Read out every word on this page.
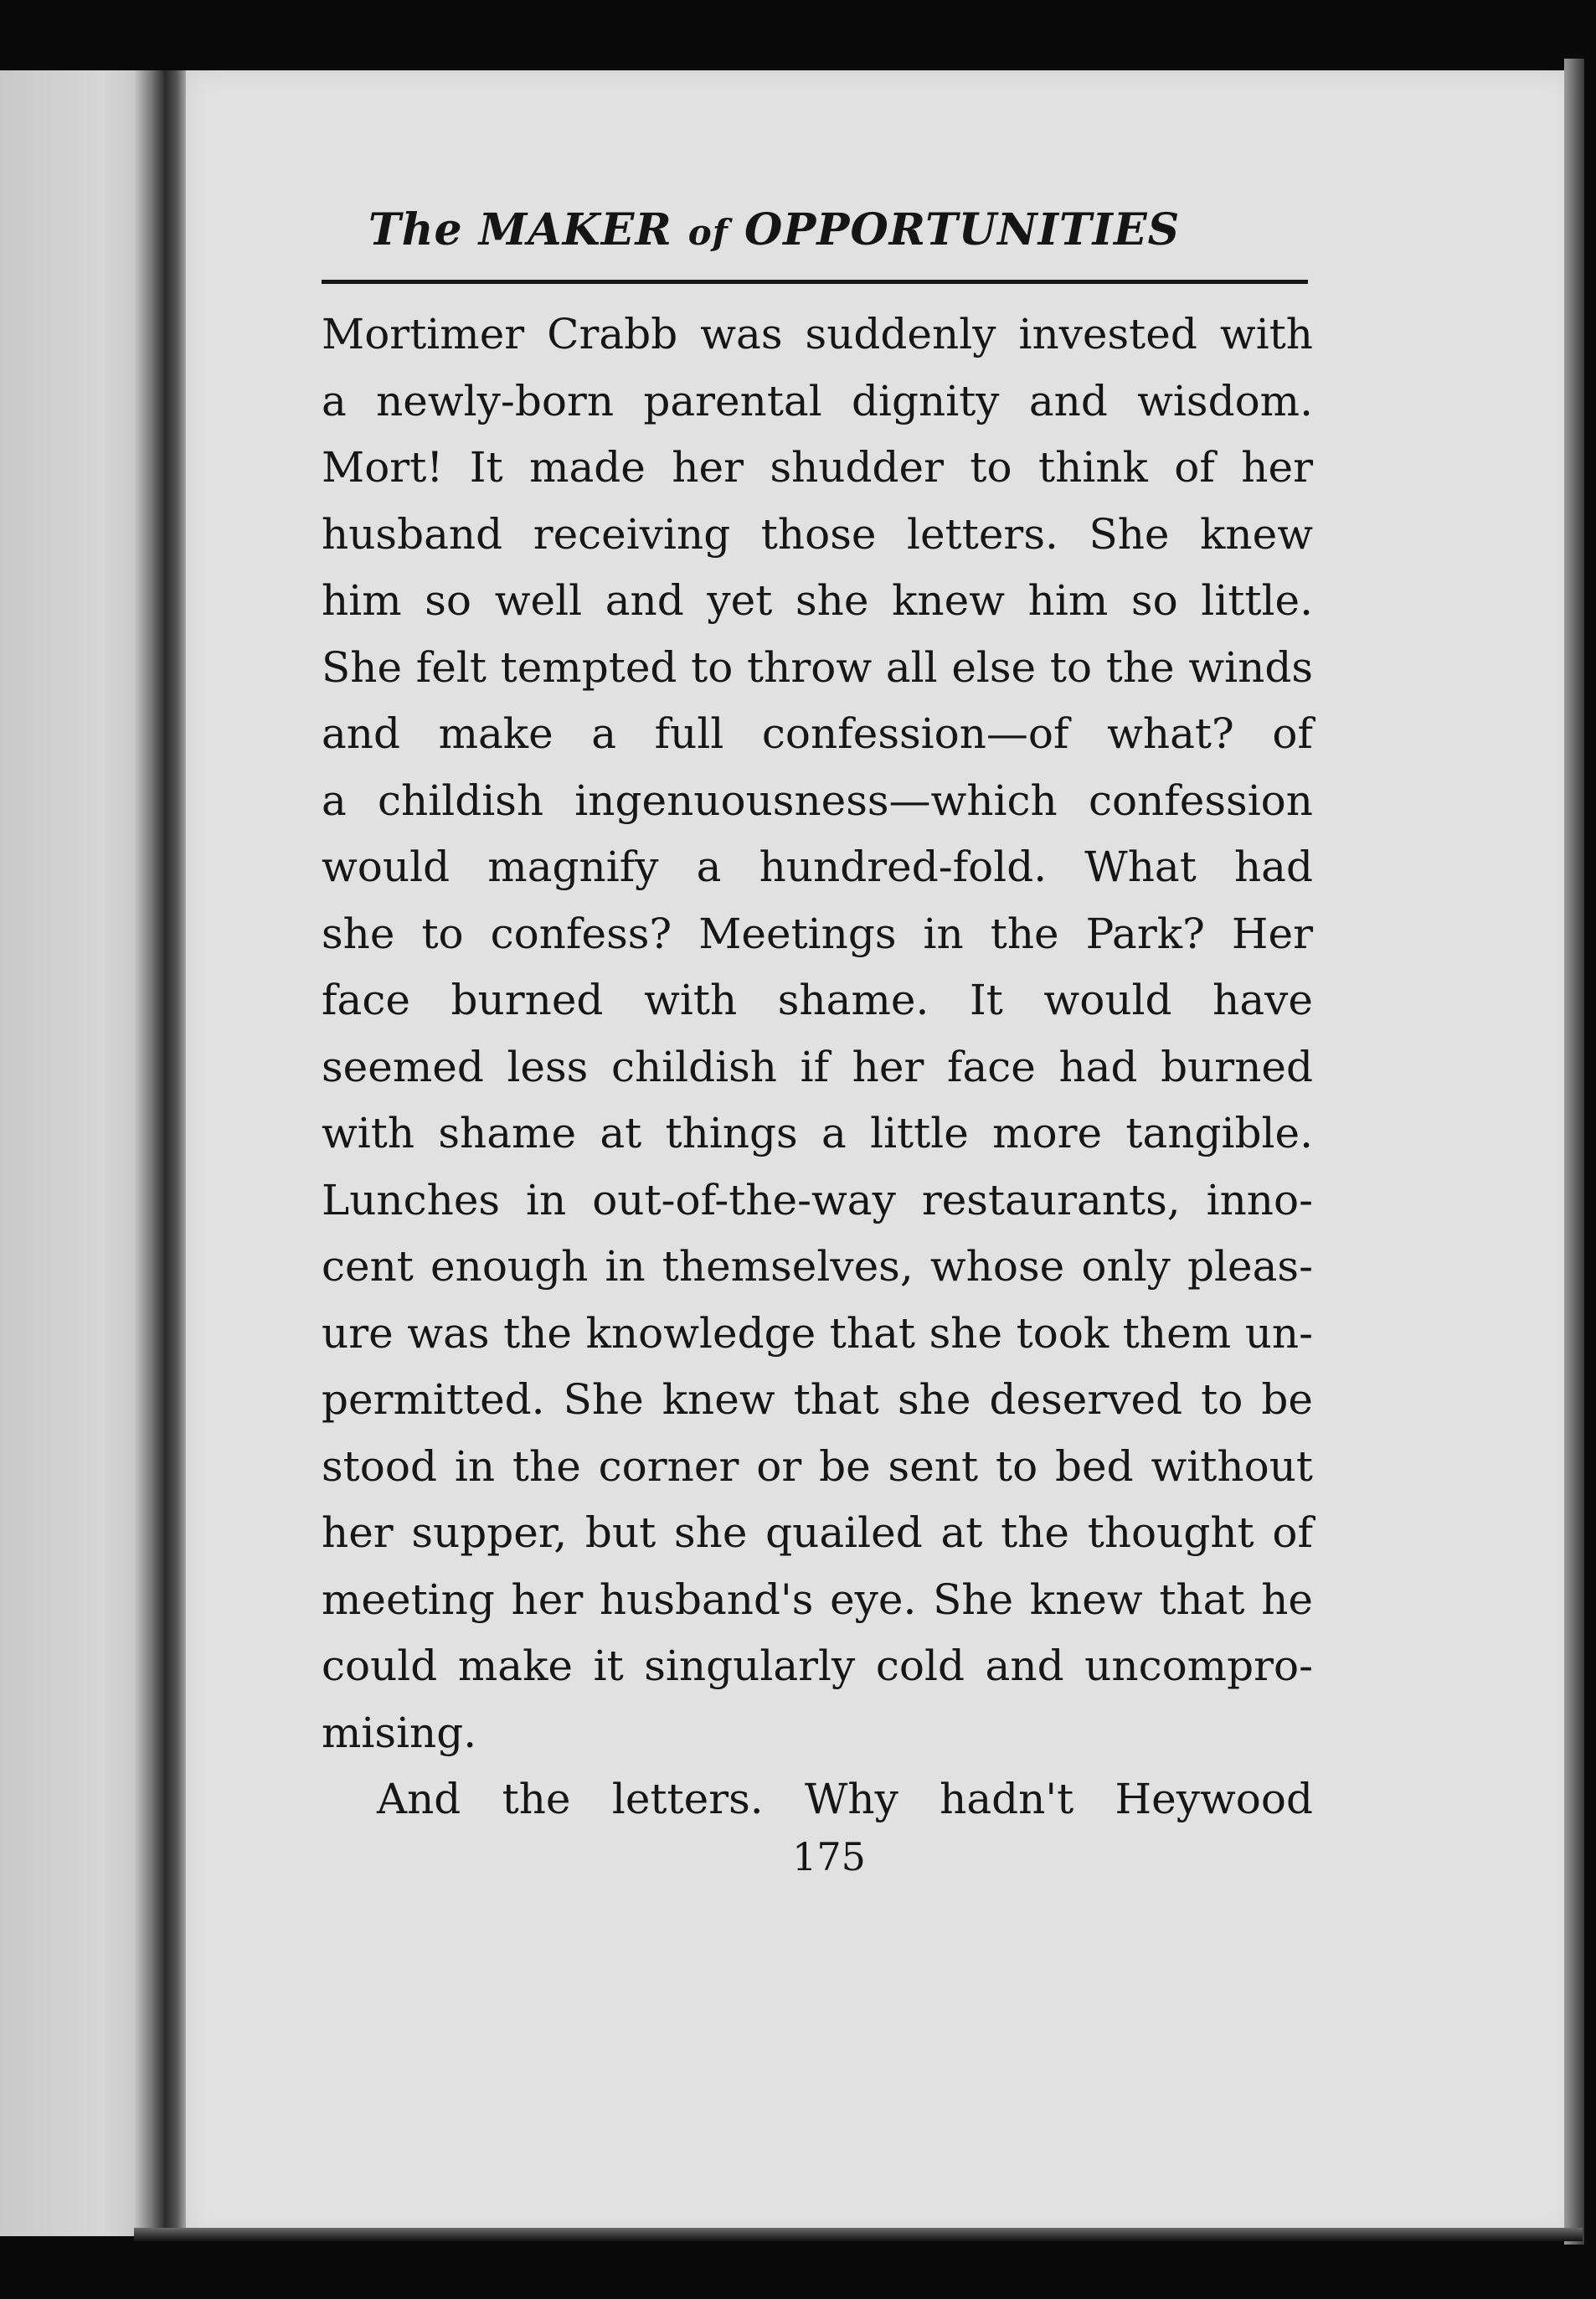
The MAKER of OPPORTUNITIES
Mortimer Crabb was suddenly invested with
a newly-born parental dignity and wisdom.
Mort! It made her shudder to think of her
husband receiving those letters. She knew
him so well and yet she knew him so little.
She felt tempted to throw all else to the winds
and make a full confession—of what? of
a childish ingenuousness—which confession
would magnify a hundred-fold. What had
she to confess? Meetings in the Park? Her
face burned with shame. It would have
seemed less childish if her face had burned
with shame at things a little more tangible.
Lunches in out-of-the-way restaurants, inno-
cent enough in themselves, whose only pleas-
ure was the knowledge that she took them un-
permitted. She knew that she deserved to be
stood in the corner or be sent to bed without
her supper, but she quailed at the thought of
meeting her husband's eye. She knew that he
could make it singularly cold and uncompro-
mising.
And the letters. Why hadn't Heywood
175
